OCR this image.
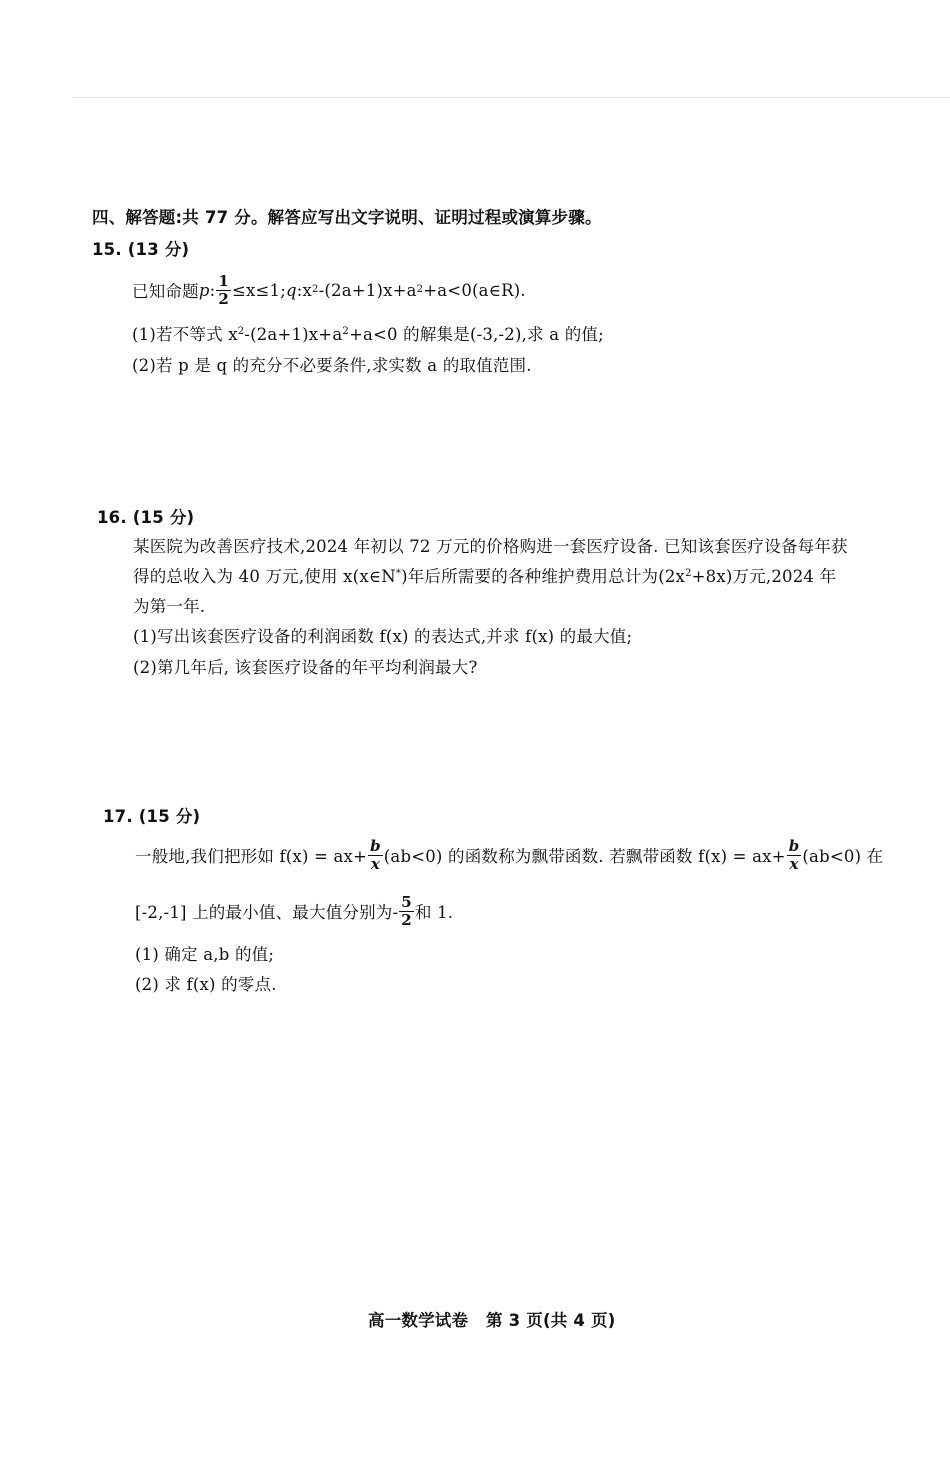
四、解答题:共 77 分。解答应写出文字说明、证明过程或演算步骤。
15. (13 分)
已知命题 p : $\frac{1}{2} \le x\le 1$; q :x 2 -(2a+1)x+a 2 +a<0(a∈R).
(1)若不等式 $x^2-(2a+1)x+a^2+a<0$ 的解集是(-3,-2),求 a 的值;
(2)若 p 是 q 的充分不必要条件,求实数 a 的取值范围.
16. (15 分)
某医院为改善医疗技术,2024 年初以 72 万元的价格购进一套医疗设备. 已知该套医疗设备每年获
得的总收入为 40 万元,使用 x(x∈N*)年后所需要的各种维护费用总计为$(2x^2+8x)$万元,2024 年
为第一年.
(1)写出该套医疗设备的利润函数 f(x) 的表达式,并求 f(x) 的最大值;
(2)第几年后, 该套医疗设备的年平均利润最大?
17. (15 分)
一般地,我们把形如 $f(x) = ax+ \frac{b}{x} (ab<0)$ 的函数称为飘带函数. 若飘带函数 $f(x) = ax+ \frac{b}{x} (ab<0)$ 在
[-2,-1] 上的最小值、最大值分别为- $\frac{5}{2}$ 和 1.
(1) 确定 a,b 的值;
(2) 求 f(x) 的零点.
高一数学试卷   第 3 页(共 4 页)
